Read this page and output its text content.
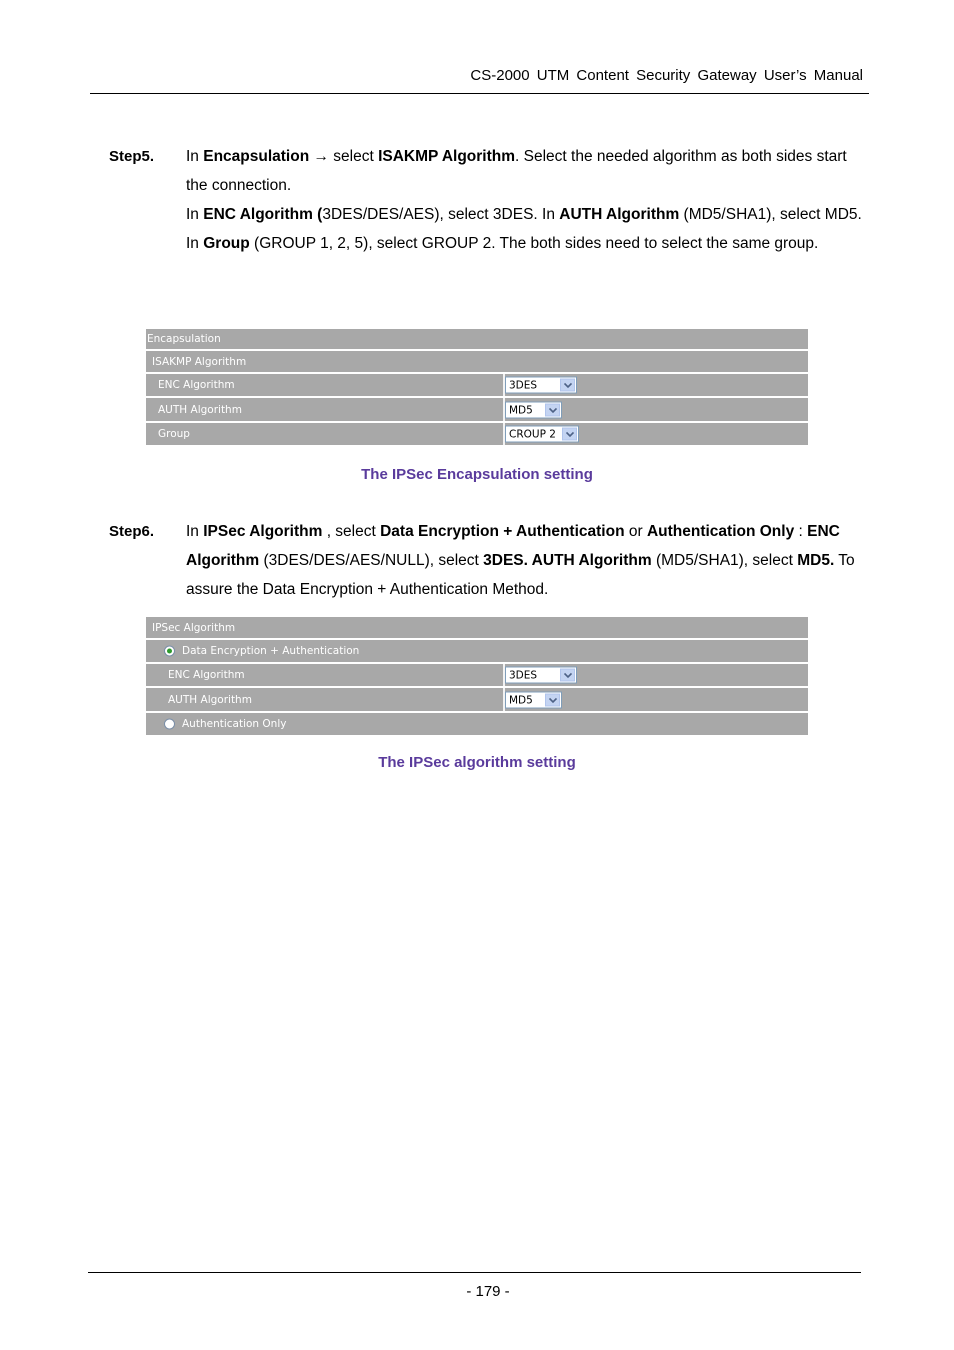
CS-2000 UTM Content Security Gateway User’s Manual
Step5. In Encapsulation → select ISAKMP Algorithm. Select the needed algorithm as both sides start the connection.
In ENC Algorithm (3DES/DES/AES), select 3DES. In AUTH Algorithm (MD5/SHA1), select MD5. In Group (GROUP 1, 2, 5), select GROUP 2. The both sides need to select the same group.
Encapsulation
ISAKMP Algorithm
ENC Algorithm	3DES
AUTH Algorithm	MD5
Group	CROUP 2
The IPSec Encapsulation setting
Step6. In IPSec Algorithm , select Data Encryption + Authentication or Authentication Only : ENC Algorithm (3DES/DES/AES/NULL), select 3DES. AUTH Algorithm (MD5/SHA1), select MD5. To assure the Data Encryption + Authentication Method.
IPSec Algorithm
Data Encryption + Authentication
ENC Algorithm	3DES
AUTH Algorithm	MD5
Authentication Only
The IPSec algorithm setting
- 179 -
